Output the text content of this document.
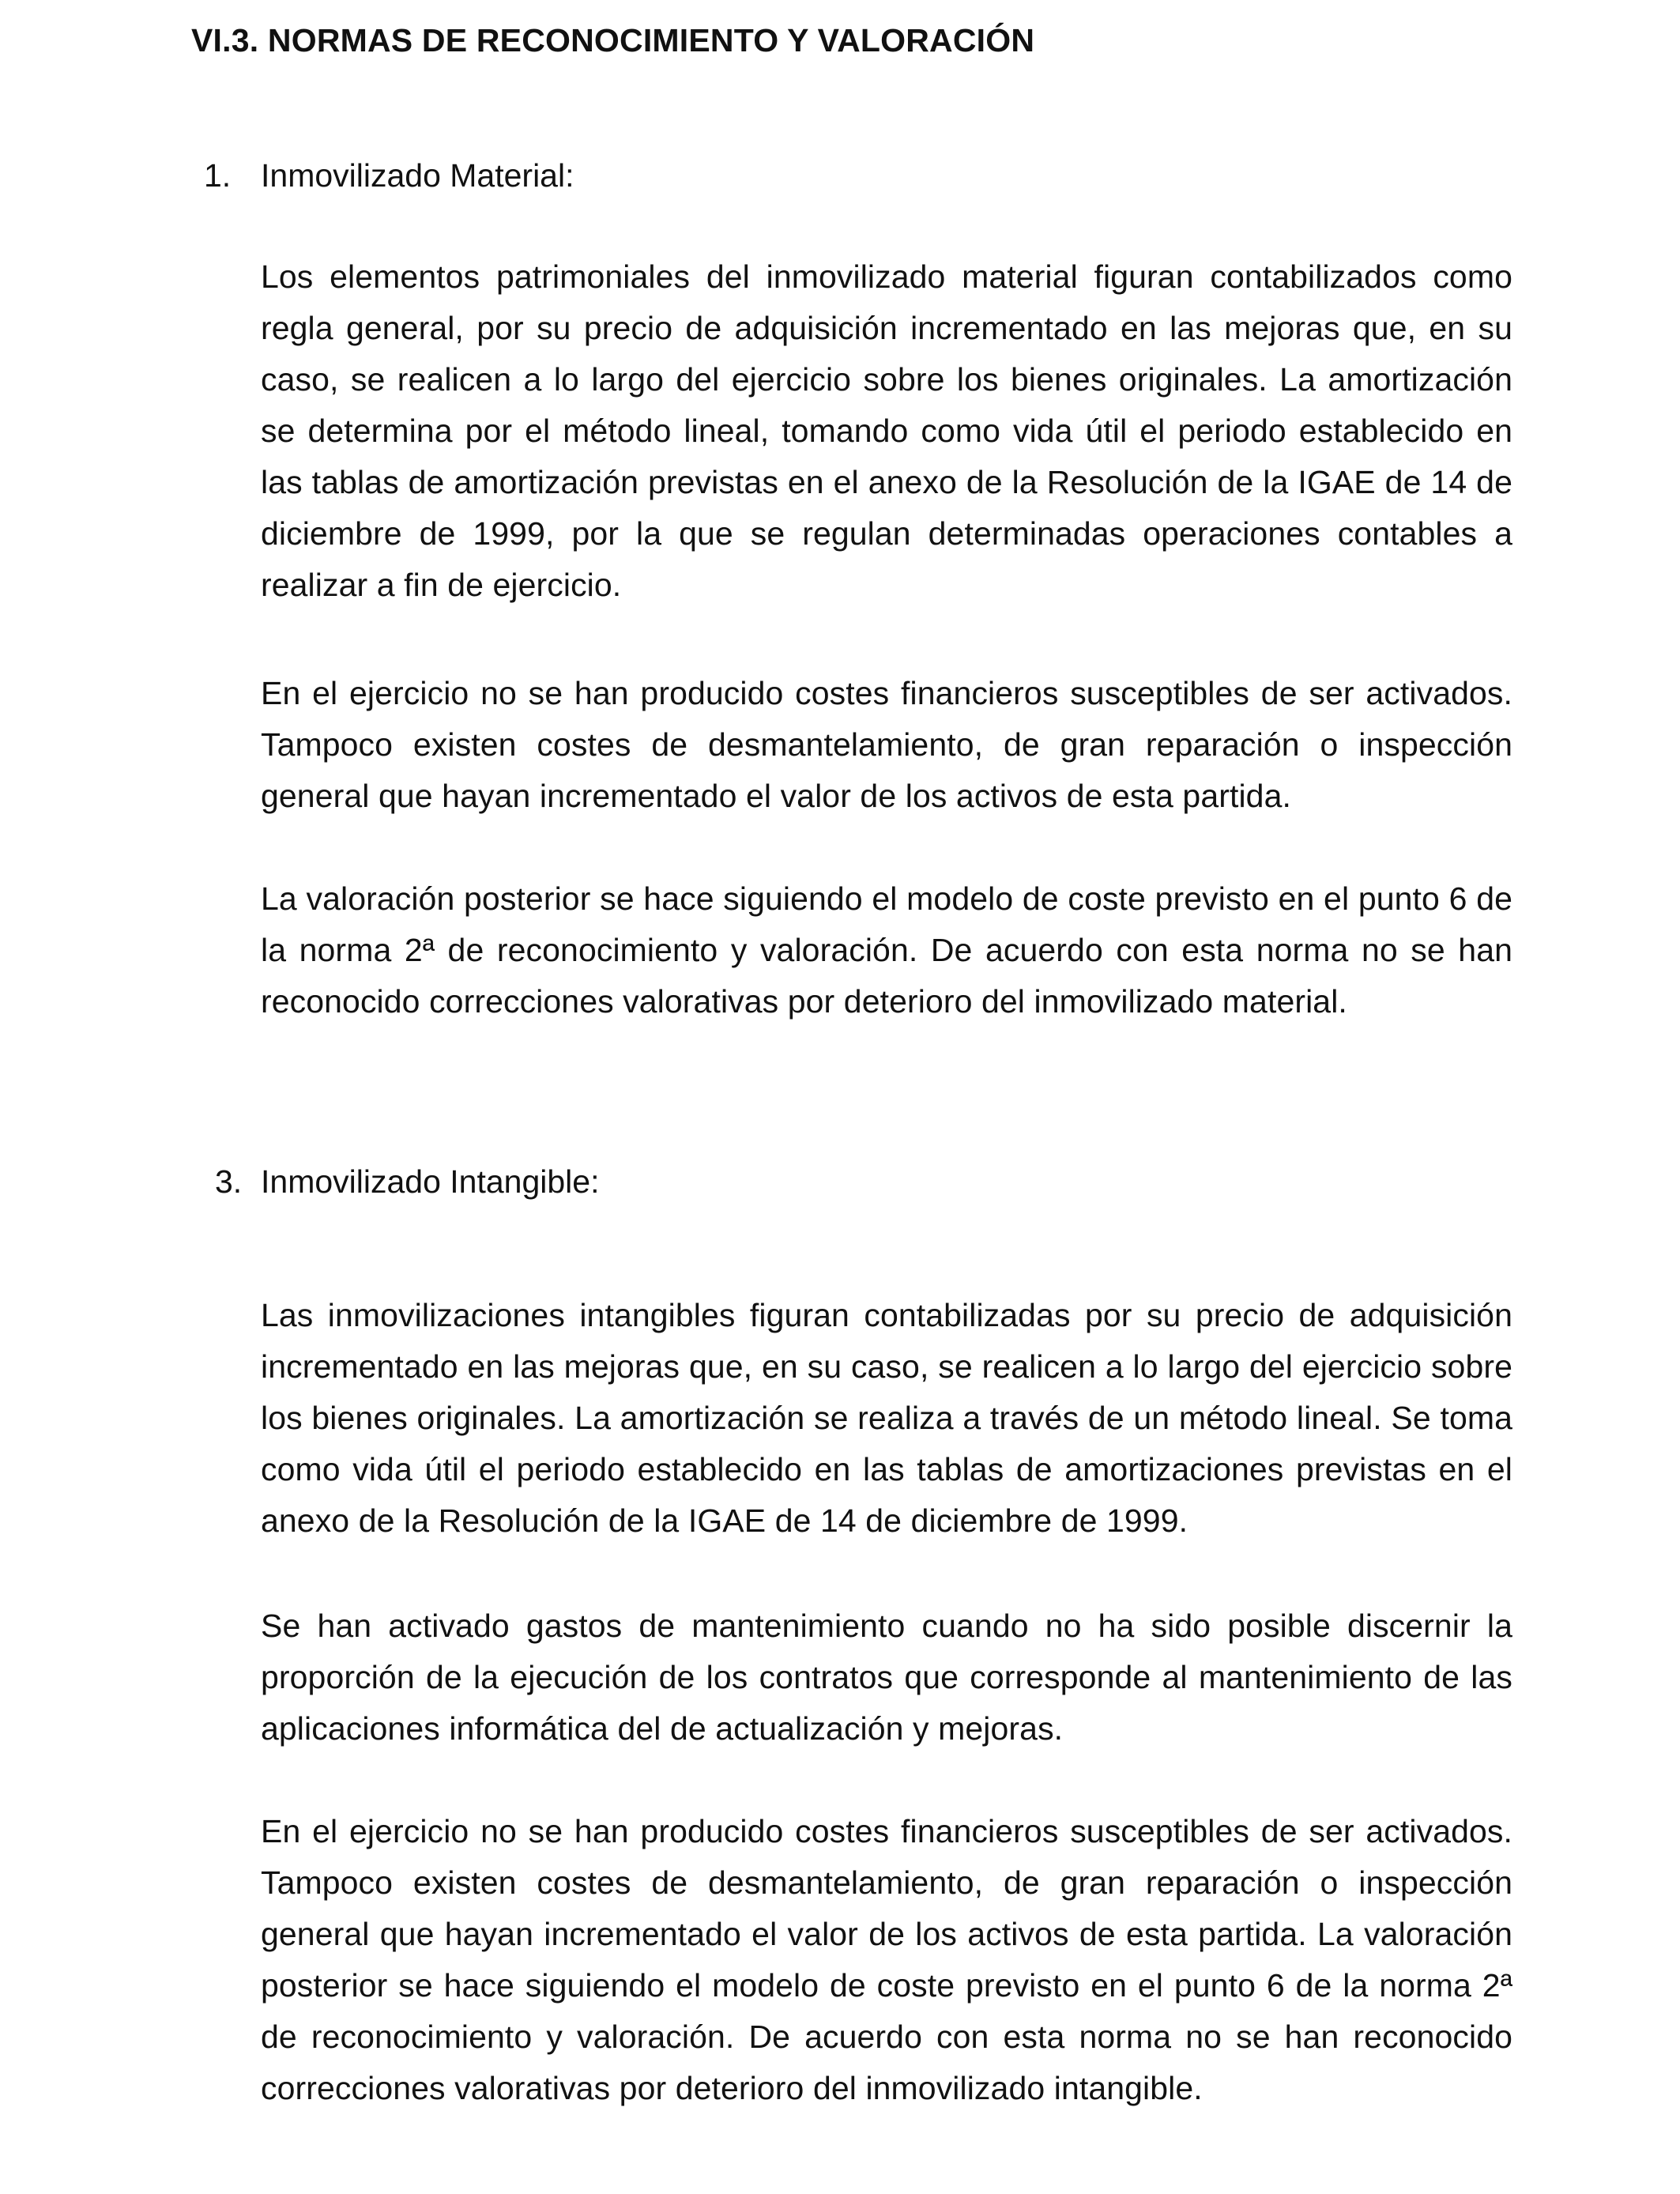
VI.3. NORMAS DE RECONOCIMIENTO Y VALORACIÓN
1. Inmovilizado Material:

Los elementos patrimoniales del inmovilizado material figuran contabilizados como regla general, por su precio de adquisición incrementado en las mejoras que, en su caso, se realicen a lo largo del ejercicio sobre los bienes originales. La amortización se determina por el método lineal, tomando como vida útil el periodo establecido en las tablas de amortización previstas en el anexo de la Resolución de la IGAE de 14 de diciembre de 1999, por la que se regulan determinadas operaciones contables a realizar a fin de ejercicio.

En el ejercicio no se han producido costes financieros susceptibles de ser activados. Tampoco existen costes de desmantelamiento, de gran reparación o inspección general que hayan incrementado el valor de los activos de esta partida.

La valoración posterior se hace siguiendo el modelo de coste previsto en el punto 6 de la norma 2ª de reconocimiento y valoración. De acuerdo con esta norma no se han reconocido correcciones valorativas por deterioro del inmovilizado material.

3. Inmovilizado Intangible:

Las inmovilizaciones intangibles figuran contabilizadas por su precio de adquisición incrementado en las mejoras que, en su caso, se realicen a lo largo del ejercicio sobre los bienes originales. La amortización se realiza a través de un método lineal. Se toma como vida útil el periodo establecido en las tablas de amortizaciones previstas en el anexo de la Resolución de la IGAE de 14 de diciembre de 1999.

Se han activado gastos de mantenimiento cuando no ha sido posible discernir la proporción de la ejecución de los contratos que corresponde al mantenimiento de las aplicaciones informática del de actualización y mejoras.

En el ejercicio no se han producido costes financieros susceptibles de ser activados. Tampoco existen costes de desmantelamiento, de gran reparación o inspección general que hayan incrementado el valor de los activos de esta partida. La valoración posterior se hace siguiendo el modelo de coste previsto en el punto 6 de la norma 2ª de reconocimiento y valoración. De acuerdo con esta norma no se han reconocido correcciones valorativas por deterioro del inmovilizado intangible.
